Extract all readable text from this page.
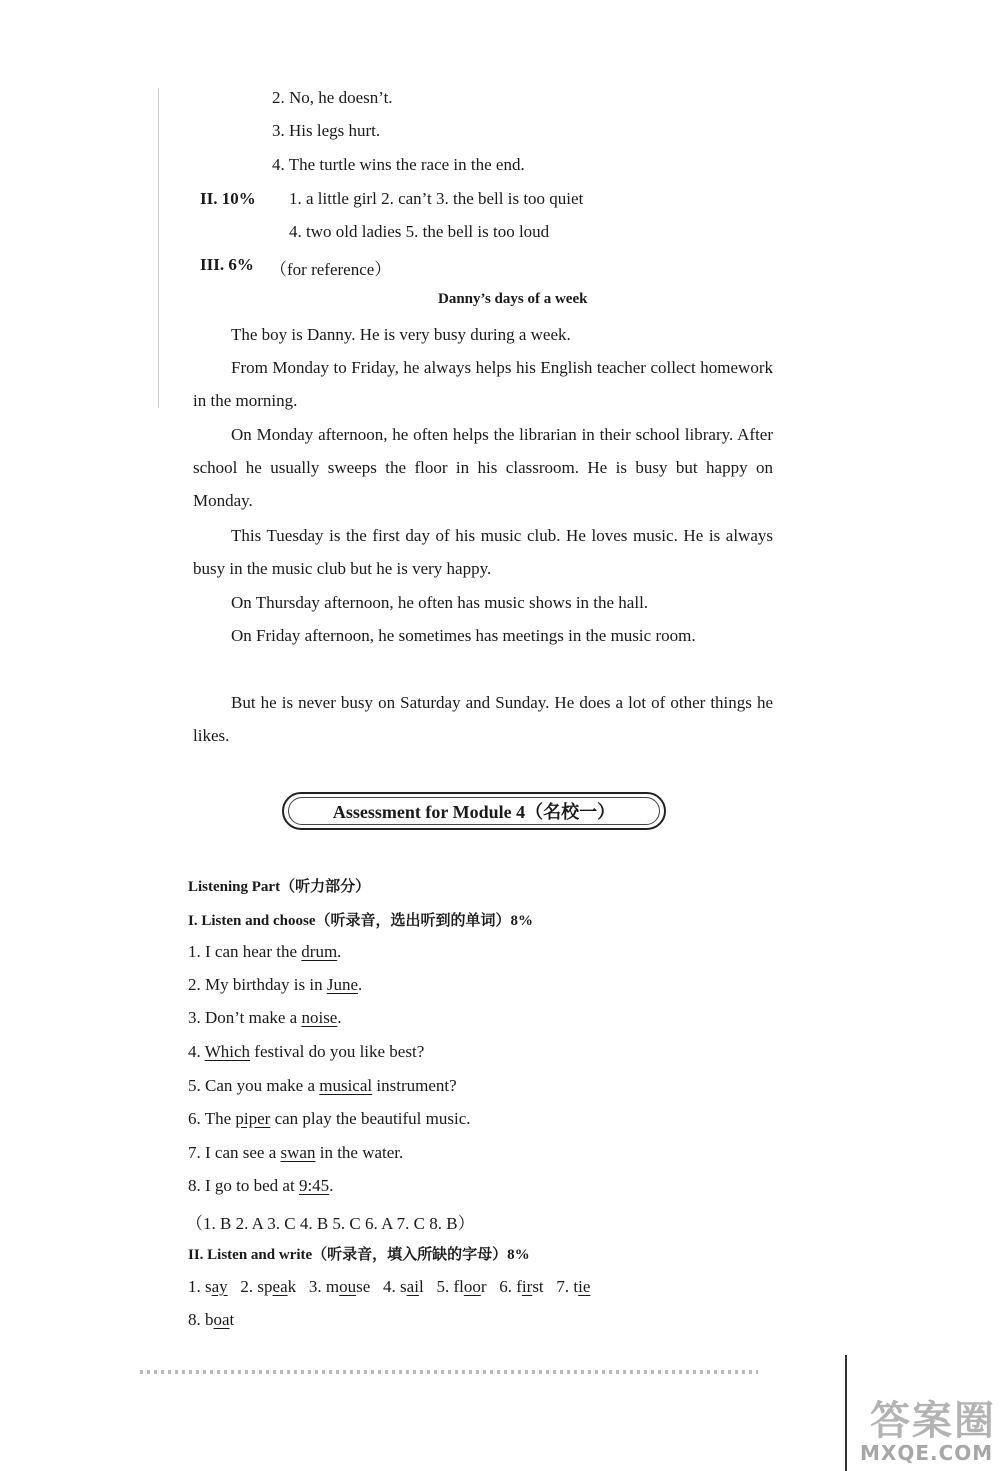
2. No, he doesn’t.
3. His legs hurt.
4. The turtle wins the race in the end.
II. 10% 1. a little girl 2. can’t 3. the bell is too quiet
4. two old ladies 5. the bell is too loud
III. 6% （for reference）
Danny’s days of a week
The boy is Danny. He is very busy during a week.
From Monday to Friday, he always helps his English teacher collect homework in the morning.
On Monday afternoon, he often helps the librarian in their school library. After school he usually sweeps the floor in his classroom. He is busy but happy on Monday.
This Tuesday is the first day of his music club. He loves music. He is always busy in the music club but he is very happy.
On Thursday afternoon, he often has music shows in the hall.
On Friday afternoon, he sometimes has meetings in the music room.
But he is never busy on Saturday and Sunday. He does a lot of other things he likes.
Assessment for Module 4（名校一）
Listening Part（听力部分）
I. Listen and choose（听录音，选出听到的单词）8%
1. I can hear the drum.
2. My birthday is in June.
3. Don’t make a noise.
4. Which festival do you like best?
5. Can you make a musical instrument?
6. The piper can play the beautiful music.
7. I can see a swan in the water.
8. I go to bed at 9:45.
（1. B 2. A 3. C 4. B 5. C 6. A 7. C 8. B）
II. Listen and write（听录音，填入所缺的字母）8%
1. say 2. speak 3. mouse 4. sail 5. floor 6. first 7. tie
8. boat
答案圈
MXQE.COM
